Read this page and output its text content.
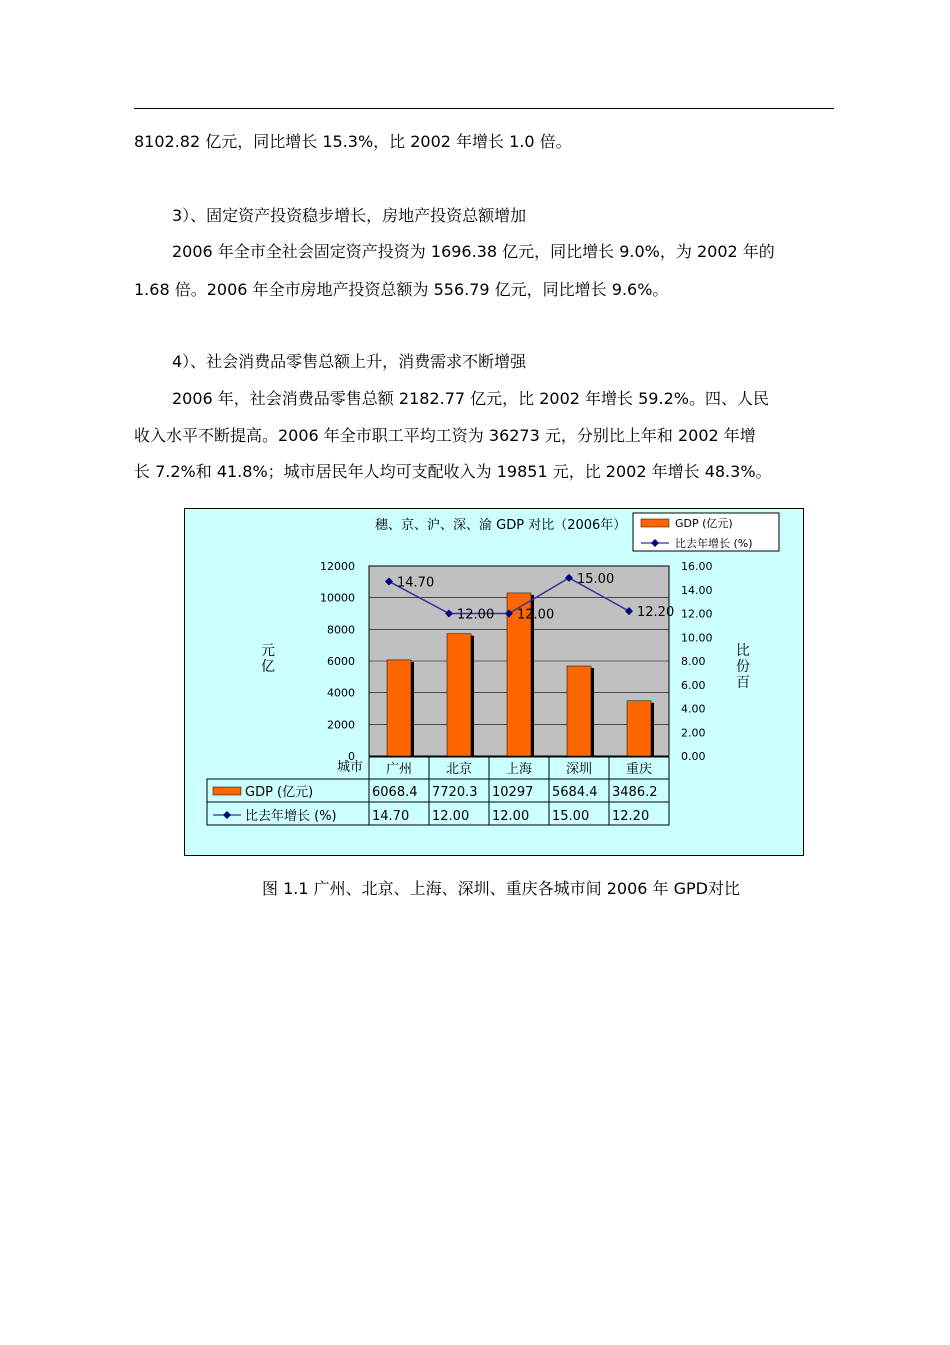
8102.82 亿元，同比增长 15.3%，比 2002 年增长 1.0 倍。
3）、固定资产投资稳步增长，房地产投资总额增加
2006 年全市全社会固定资产投资为 1696.38 亿元，同比增长 9.0%，为 2002 年的
1.68 倍。2006 年全市房地产投资总额为 556.79 亿元，同比增长 9.6%。
4）、社会消费品零售总额上升，消费需求不断增强
2006 年，社会消费品零售总额 2182.77 亿元，比 2002 年增长 59.2%。四、人民
收入水平不断提高。2006 年全市职工平均工资为 36273 元，分别比上年和 2002 年增
长 7.2%和 41.8%；城市居民年人均可支配收入为 19851 元，比 2002 年增长 48.3%。
穗、京、沪、深、渝 GDP 对比（2006年）	GDP (亿元)
比去年增长 (%)
0
2000
4000
6000
8000
10000
12000
0.00
2.00
4.00
6.00
8.00
10.00
12.00
14.00
16.00
14.70
12.00 12.00
15.00
12.20
元亿
比份百
城市 广州	北京	上海	深圳	重庆
GDP (亿元)	6068.4 7720.3 10297 5684.4 3486.2
比去年增长 (%)	14.70 12.00 12.00 15.00 12.20
图 1.1 广州、北京、上海、深圳、重庆各城市间 2006 年 GPD对比
